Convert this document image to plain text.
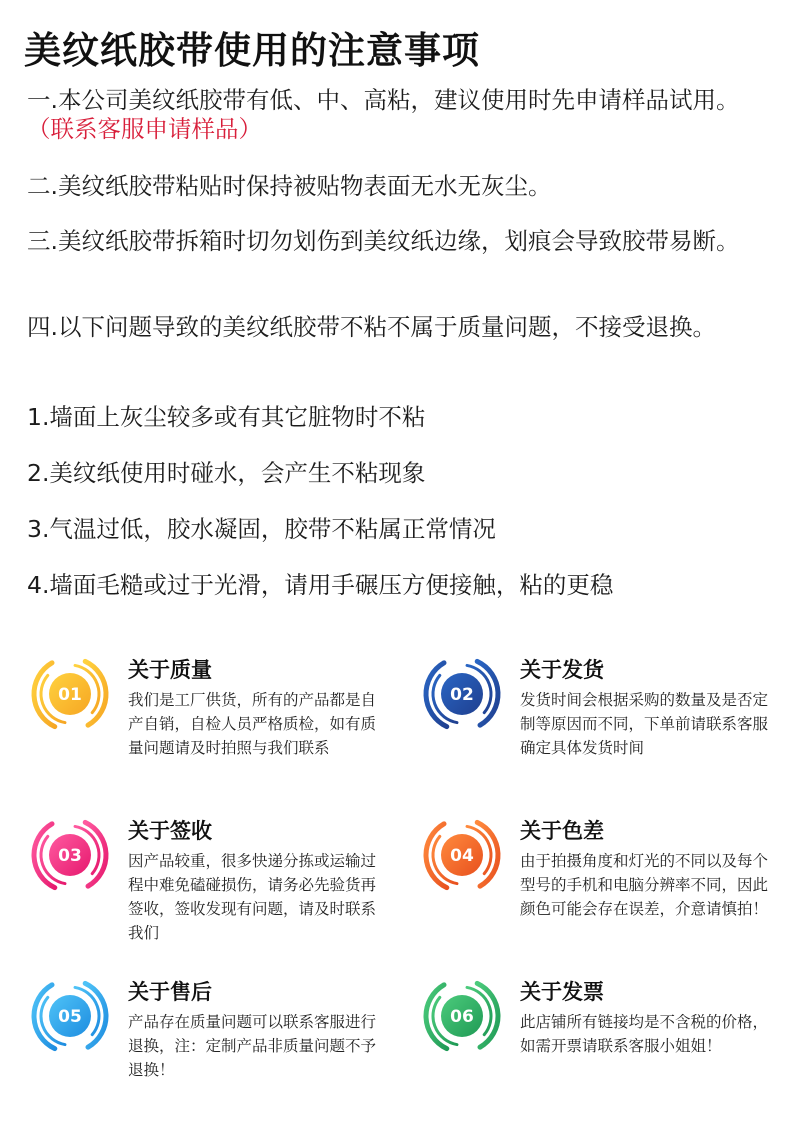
美纹纸胶带使用的注意事项
一.本公司美纹纸胶带有低、中、高粘，建议使用时先申请样品试用。（联系客服申请样品）
二.美纹纸胶带粘贴时保持被贴物表面无水无灰尘。
三.美纹纸胶带拆箱时切勿划伤到美纹纸边缘，划痕会导致胶带易断。
四.以下问题导致的美纹纸胶带不粘不属于质量问题，不接受退换。
1.墙面上灰尘较多或有其它脏物时不粘
2.美纹纸使用时碰水，会产生不粘现象
3.气温过低，胶水凝固，胶带不粘属正常情况
4.墙面毛糙或过于光滑，请用手碾压方便接触，粘的更稳
01
关于质量
我们是工厂供货，所有的产品都是自产自销，自检人员严格质检，如有质量问题请及时拍照与我们联系
02
关于发货
发货时间会根据采购的数量及是否定制等原因而不同，下单前请联系客服确定具体发货时间
03
关于签收
因产品较重，很多快递分拣或运输过程中难免磕碰损伤，请务必先验货再签收，签收发现有问题，请及时联系我们
04
关于色差
由于拍摄角度和灯光的不同以及每个型号的手机和电脑分辨率不同，因此颜色可能会存在误差，介意请慎拍！
05
关于售后
产品存在质量问题可以联系客服进行退换，注：定制产品非质量问题不予退换！
06
关于发票
此店铺所有链接均是不含税的价格，如需开票请联系客服小姐姐！
